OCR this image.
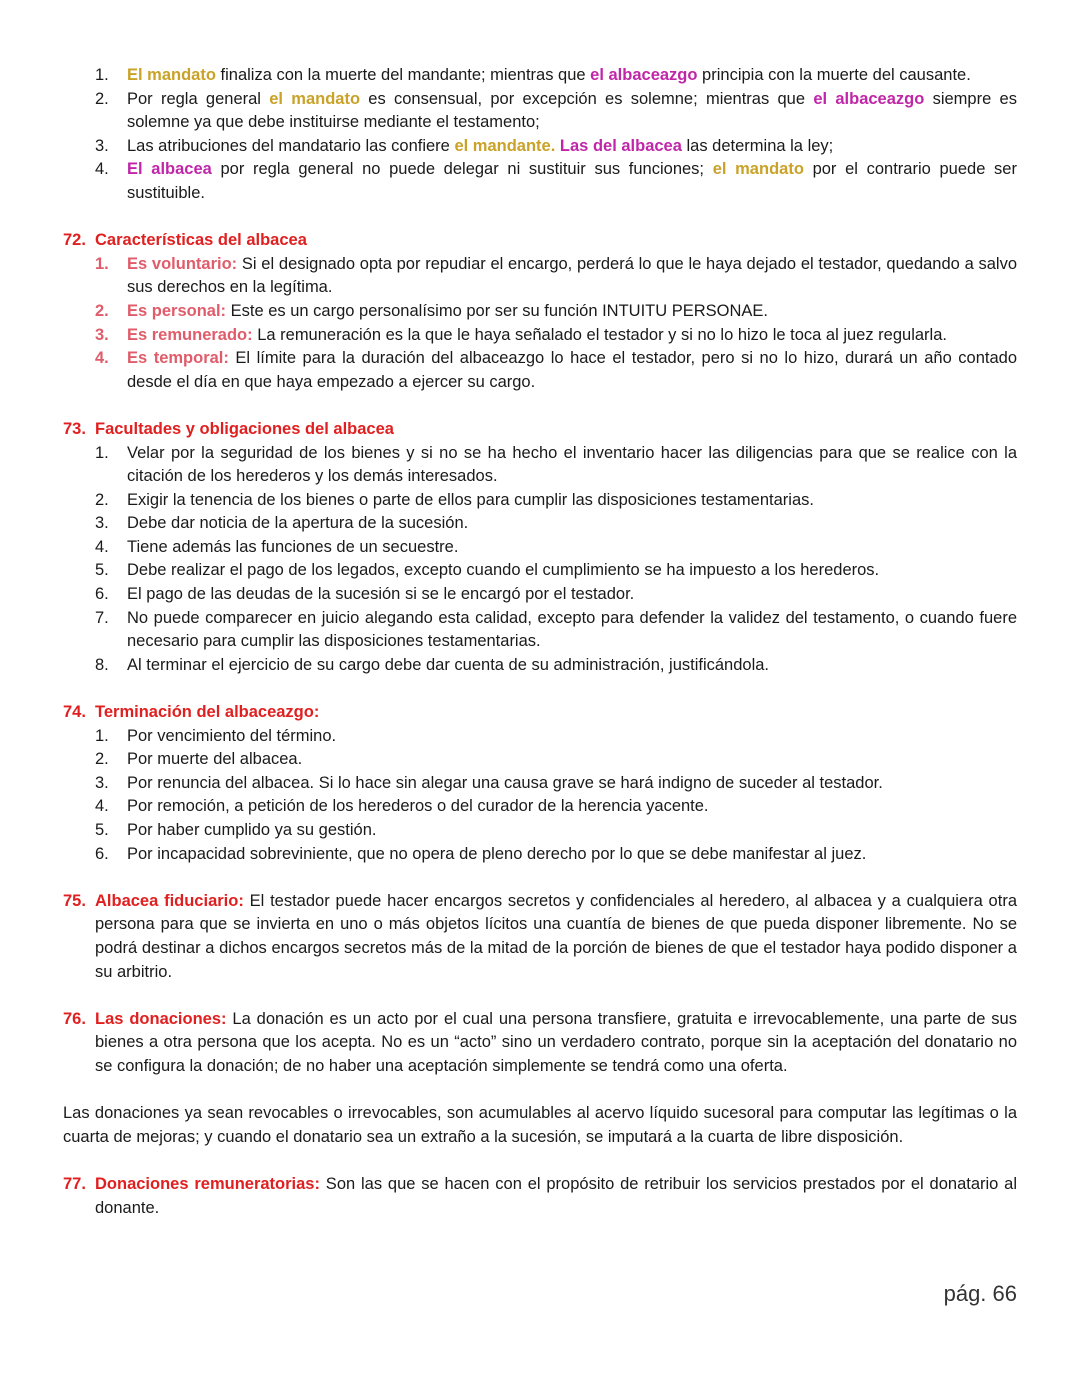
1.	El mandato finaliza con la muerte del mandante; mientras que el albaceazgo principia con la muerte del causante.
2.	Por regla general el mandato es consensual, por excepción es solemne; mientras que el albaceazgo siempre es solemne ya que debe instituirse mediante el testamento;
3.	Las atribuciones del mandatario las confiere el mandante. Las del albacea las determina la ley;
4.	El albacea por regla general no puede delegar ni sustituir sus funciones; el mandato por el contrario puede ser sustituible.
72. Características del albacea
1.	Es voluntario: Si el designado opta por repudiar el encargo, perderá lo que le haya dejado el testador, quedando a salvo sus derechos en la legítima.
2.	Es personal: Este es un cargo personalísimo por ser su función INTUITU PERSONAE.
3.	Es remunerado: La remuneración es la que le haya señalado el testador y si no lo hizo le toca al juez regularla.
4.	Es temporal: El límite para la duración del albaceazgo lo hace el testador, pero si no lo hizo, durará un año contado desde el día en que haya empezado a ejercer su cargo.
73. Facultades y obligaciones del albacea
1.	Velar por la seguridad de los bienes y si no se ha hecho el inventario hacer las diligencias para que se realice con la citación de los herederos y los demás interesados.
2.	Exigir la tenencia de los bienes o parte de ellos para cumplir las disposiciones testamentarias.
3.	Debe dar noticia de la apertura de la sucesión.
4.	Tiene además las funciones de un secuestre.
5.	Debe realizar el pago de los legados, excepto cuando el cumplimiento se ha impuesto a los herederos.
6.	El pago de las deudas de la sucesión si se le encargó por el testador.
7.	No puede comparecer en juicio alegando esta calidad, excepto para defender la validez del testamento, o cuando fuere necesario para cumplir las disposiciones testamentarias.
8.	Al terminar el ejercicio de su cargo debe dar cuenta de su administración, justificándola.
74. Terminación del albaceazgo:
1.	Por vencimiento del término.
2.	Por muerte del albacea.
3.	Por renuncia del albacea. Si lo hace sin alegar una causa grave se hará indigno de suceder al testador.
4.	Por remoción, a petición de los herederos o del curador de la herencia yacente.
5.	Por haber cumplido ya su gestión.
6.	Por incapacidad sobreviniente, que no opera de pleno derecho por lo que se debe manifestar al juez.
75. Albacea fiduciario: El testador puede hacer encargos secretos y confidenciales al heredero, al albacea y a cualquiera otra persona para que se invierta en uno o más objetos lícitos una cuantía de bienes de que pueda disponer libremente. No se podrá destinar a dichos encargos secretos más de la mitad de la porción de bienes de que el testador haya podido disponer a su arbitrio.
76. Las donaciones: La donación es un acto por el cual una persona transfiere, gratuita e irrevocablemente, una parte de sus bienes a otra persona que los acepta. No es un “acto” sino un verdadero contrato, porque sin la aceptación del donatario no se configura la donación; de no haber una aceptación simplemente se tendrá como una oferta.
Las donaciones ya sean revocables o irrevocables, son acumulables al acervo líquido sucesoral para computar las legítimas o la cuarta de mejoras; y cuando el donatario sea un extraño a la sucesión, se imputará a la cuarta de libre disposición.
77. Donaciones remuneratorias: Son las que se hacen con el propósito de retribuir los servicios prestados por el donatario al donante.
pág. 66
